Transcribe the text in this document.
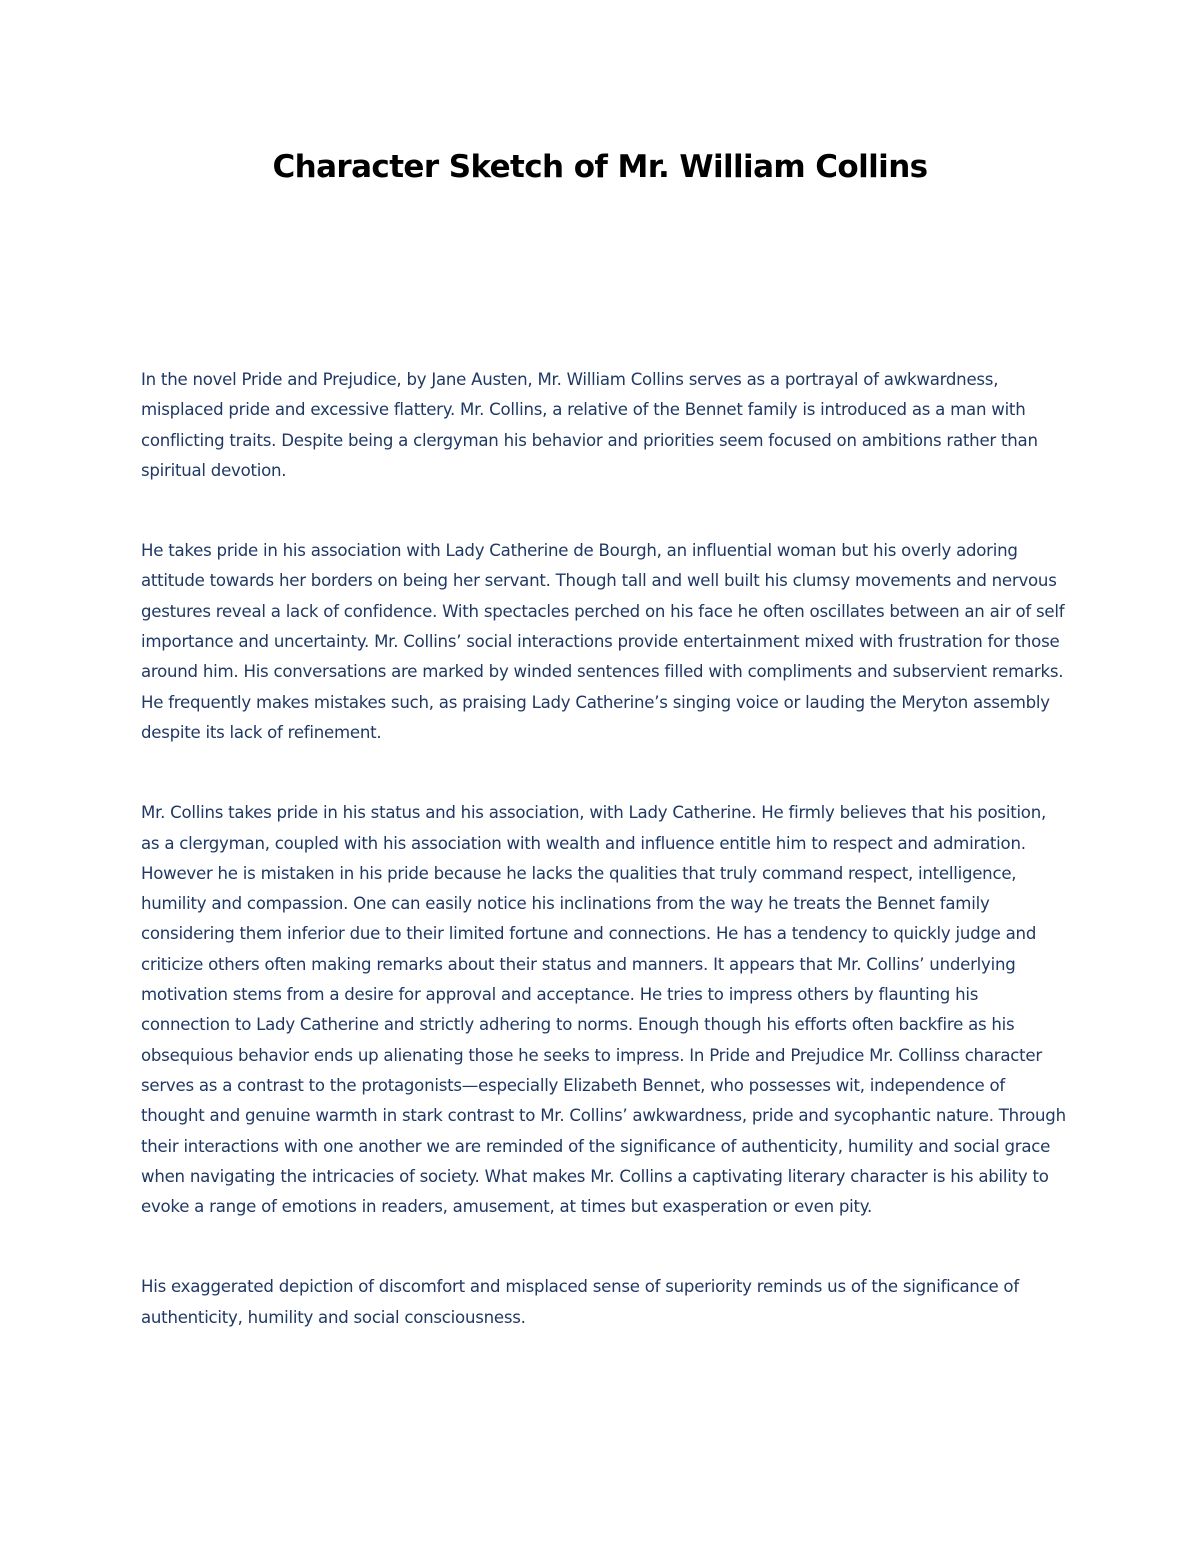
Character Sketch of Mr. William Collins

In the novel Pride and Prejudice, by Jane Austen, Mr. William Collins serves as a portrayal of awkwardness, misplaced pride and excessive flattery. Mr. Collins, a relative of the Bennet family is introduced as a man with conflicting traits. Despite being a clergyman his behavior and priorities seem focused on ambitions rather than spiritual devotion.

He takes pride in his association with Lady Catherine de Bourgh, an influential woman but his overly adoring attitude towards her borders on being her servant. Though tall and well built his clumsy movements and nervous gestures reveal a lack of confidence. With spectacles perched on his face he often oscillates between an air of self importance and uncertainty. Mr. Collins’ social interactions provide entertainment mixed with frustration for those around him. His conversations are marked by winded sentences filled with compliments and subservient remarks. He frequently makes mistakes such, as praising Lady Catherine’s singing voice or lauding the Meryton assembly despite its lack of refinement.

Mr. Collins takes pride in his status and his association, with Lady Catherine. He firmly believes that his position, as a clergyman, coupled with his association with wealth and influence entitle him to respect and admiration. However he is mistaken in his pride because he lacks the qualities that truly command respect, intelligence, humility and compassion. One can easily notice his inclinations from the way he treats the Bennet family considering them inferior due to their limited fortune and connections. He has a tendency to quickly judge and criticize others often making remarks about their status and manners. It appears that Mr. Collins’ underlying motivation stems from a desire for approval and acceptance. He tries to impress others by flaunting his connection to Lady Catherine and strictly adhering to norms. Enough though his efforts often backfire as his obsequious behavior ends up alienating those he seeks to impress. In Pride and Prejudice Mr. Collinss character serves as a contrast to the protagonists—especially Elizabeth Bennet, who possesses wit, independence of thought and genuine warmth in stark contrast to Mr. Collins’ awkwardness, pride and sycophantic nature. Through their interactions with one another we are reminded of the significance of authenticity, humility and social grace when navigating the intricacies of society. What makes Mr. Collins a captivating literary character is his ability to evoke a range of emotions in readers, amusement, at times but exasperation or even pity.

His exaggerated depiction of discomfort and misplaced sense of superiority reminds us of the significance of authenticity, humility and social consciousness.
